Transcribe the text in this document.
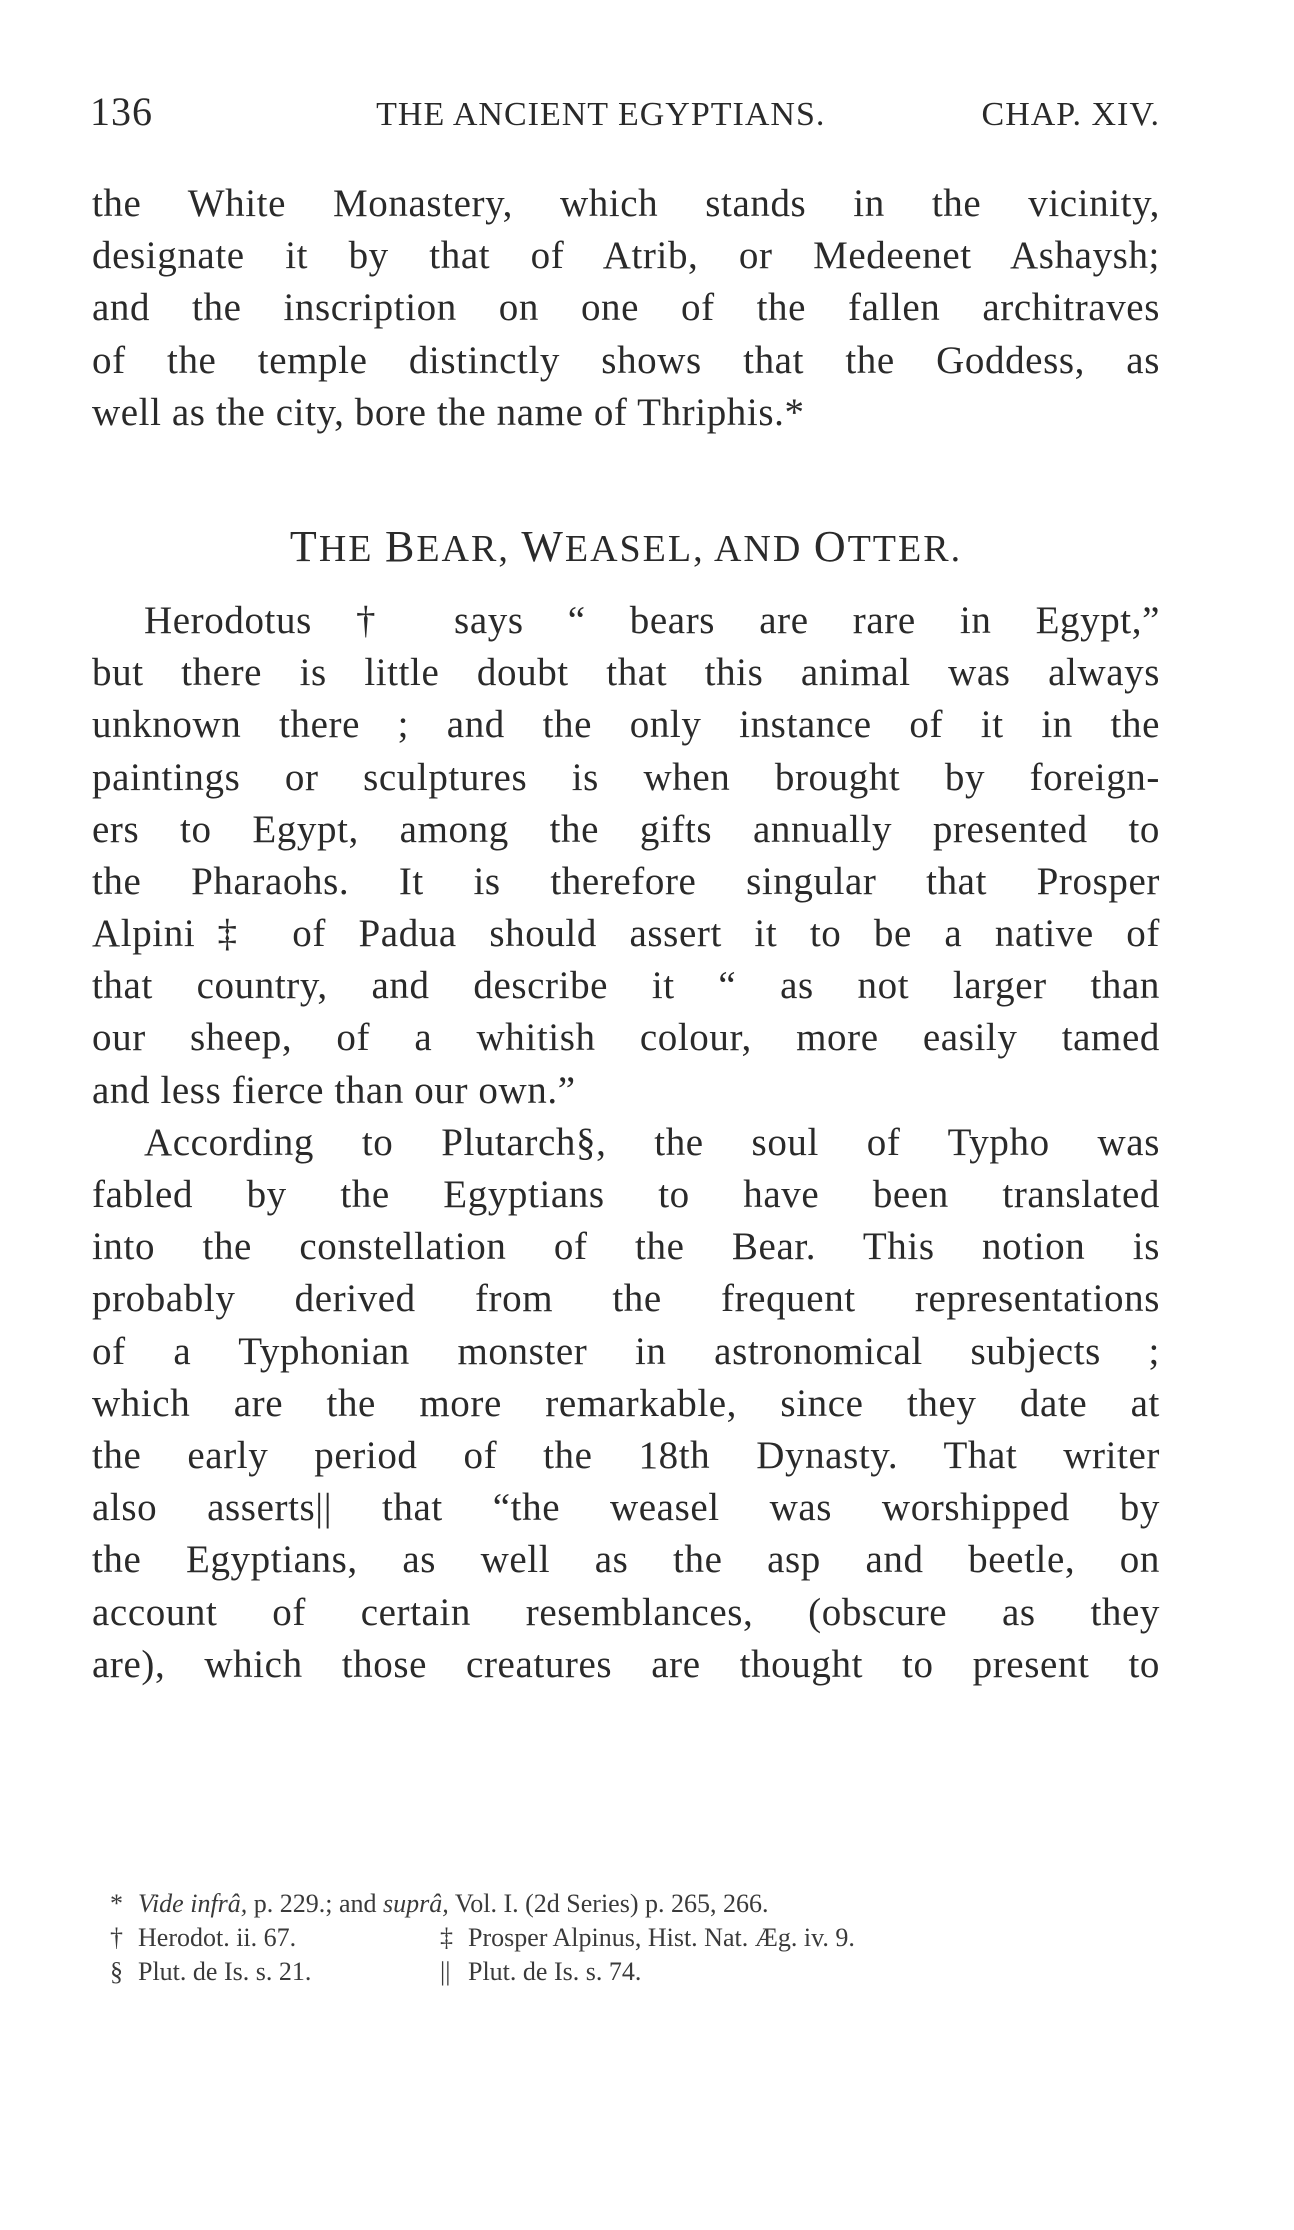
136	THE ANCIENT EGYPTIANS.	CHAP. XIV.
the White Monastery, which stands in the vicinity,
designate it by that of Atrib, or Medeenet Ashaysh;
and the inscription on one of the fallen architraves
of the temple distinctly shows that the Goddess, as
well as the city, bore the name of Thriphis.*
THE BEAR, WEASEL, AND OTTER.
Herodotus † says “ bears are rare in Egypt,”
but there is little doubt that this animal was always
unknown there ; and the only instance of it in the
paintings or sculptures is when brought by foreign-
ers to Egypt, among the gifts annually presented to
the Pharaohs. It is therefore singular that Prosper
Alpini‡ of Padua should assert it to be a native of
that country, and describe it “ as not larger than
our sheep, of a whitish colour, more easily tamed
and less fierce than our own.”
According to Plutarch§, the soul of Typho was
fabled by the Egyptians to have been translated
into the constellation of the Bear. This notion is
probably derived from the frequent representations
of a Typhonian monster in astronomical subjects ;
which are the more remarkable, since they date at
the early period of the 18th Dynasty. That writer
also asserts|| that “the weasel was worshipped by
the Egyptians, as well as the asp and beetle, on
account of certain resemblances, (obscure as they
are), which those creatures are thought to present to
* Vide infrâ, p. 229.; and suprâ, Vol. I. (2d Series) p. 265, 266.
† Herodot. ii. 67.	‡ Prosper Alpinus, Hist. Nat. Æg. iv. 9.
§ Plut. de Is. s. 21.	|| Plut. de Is. s. 74.
